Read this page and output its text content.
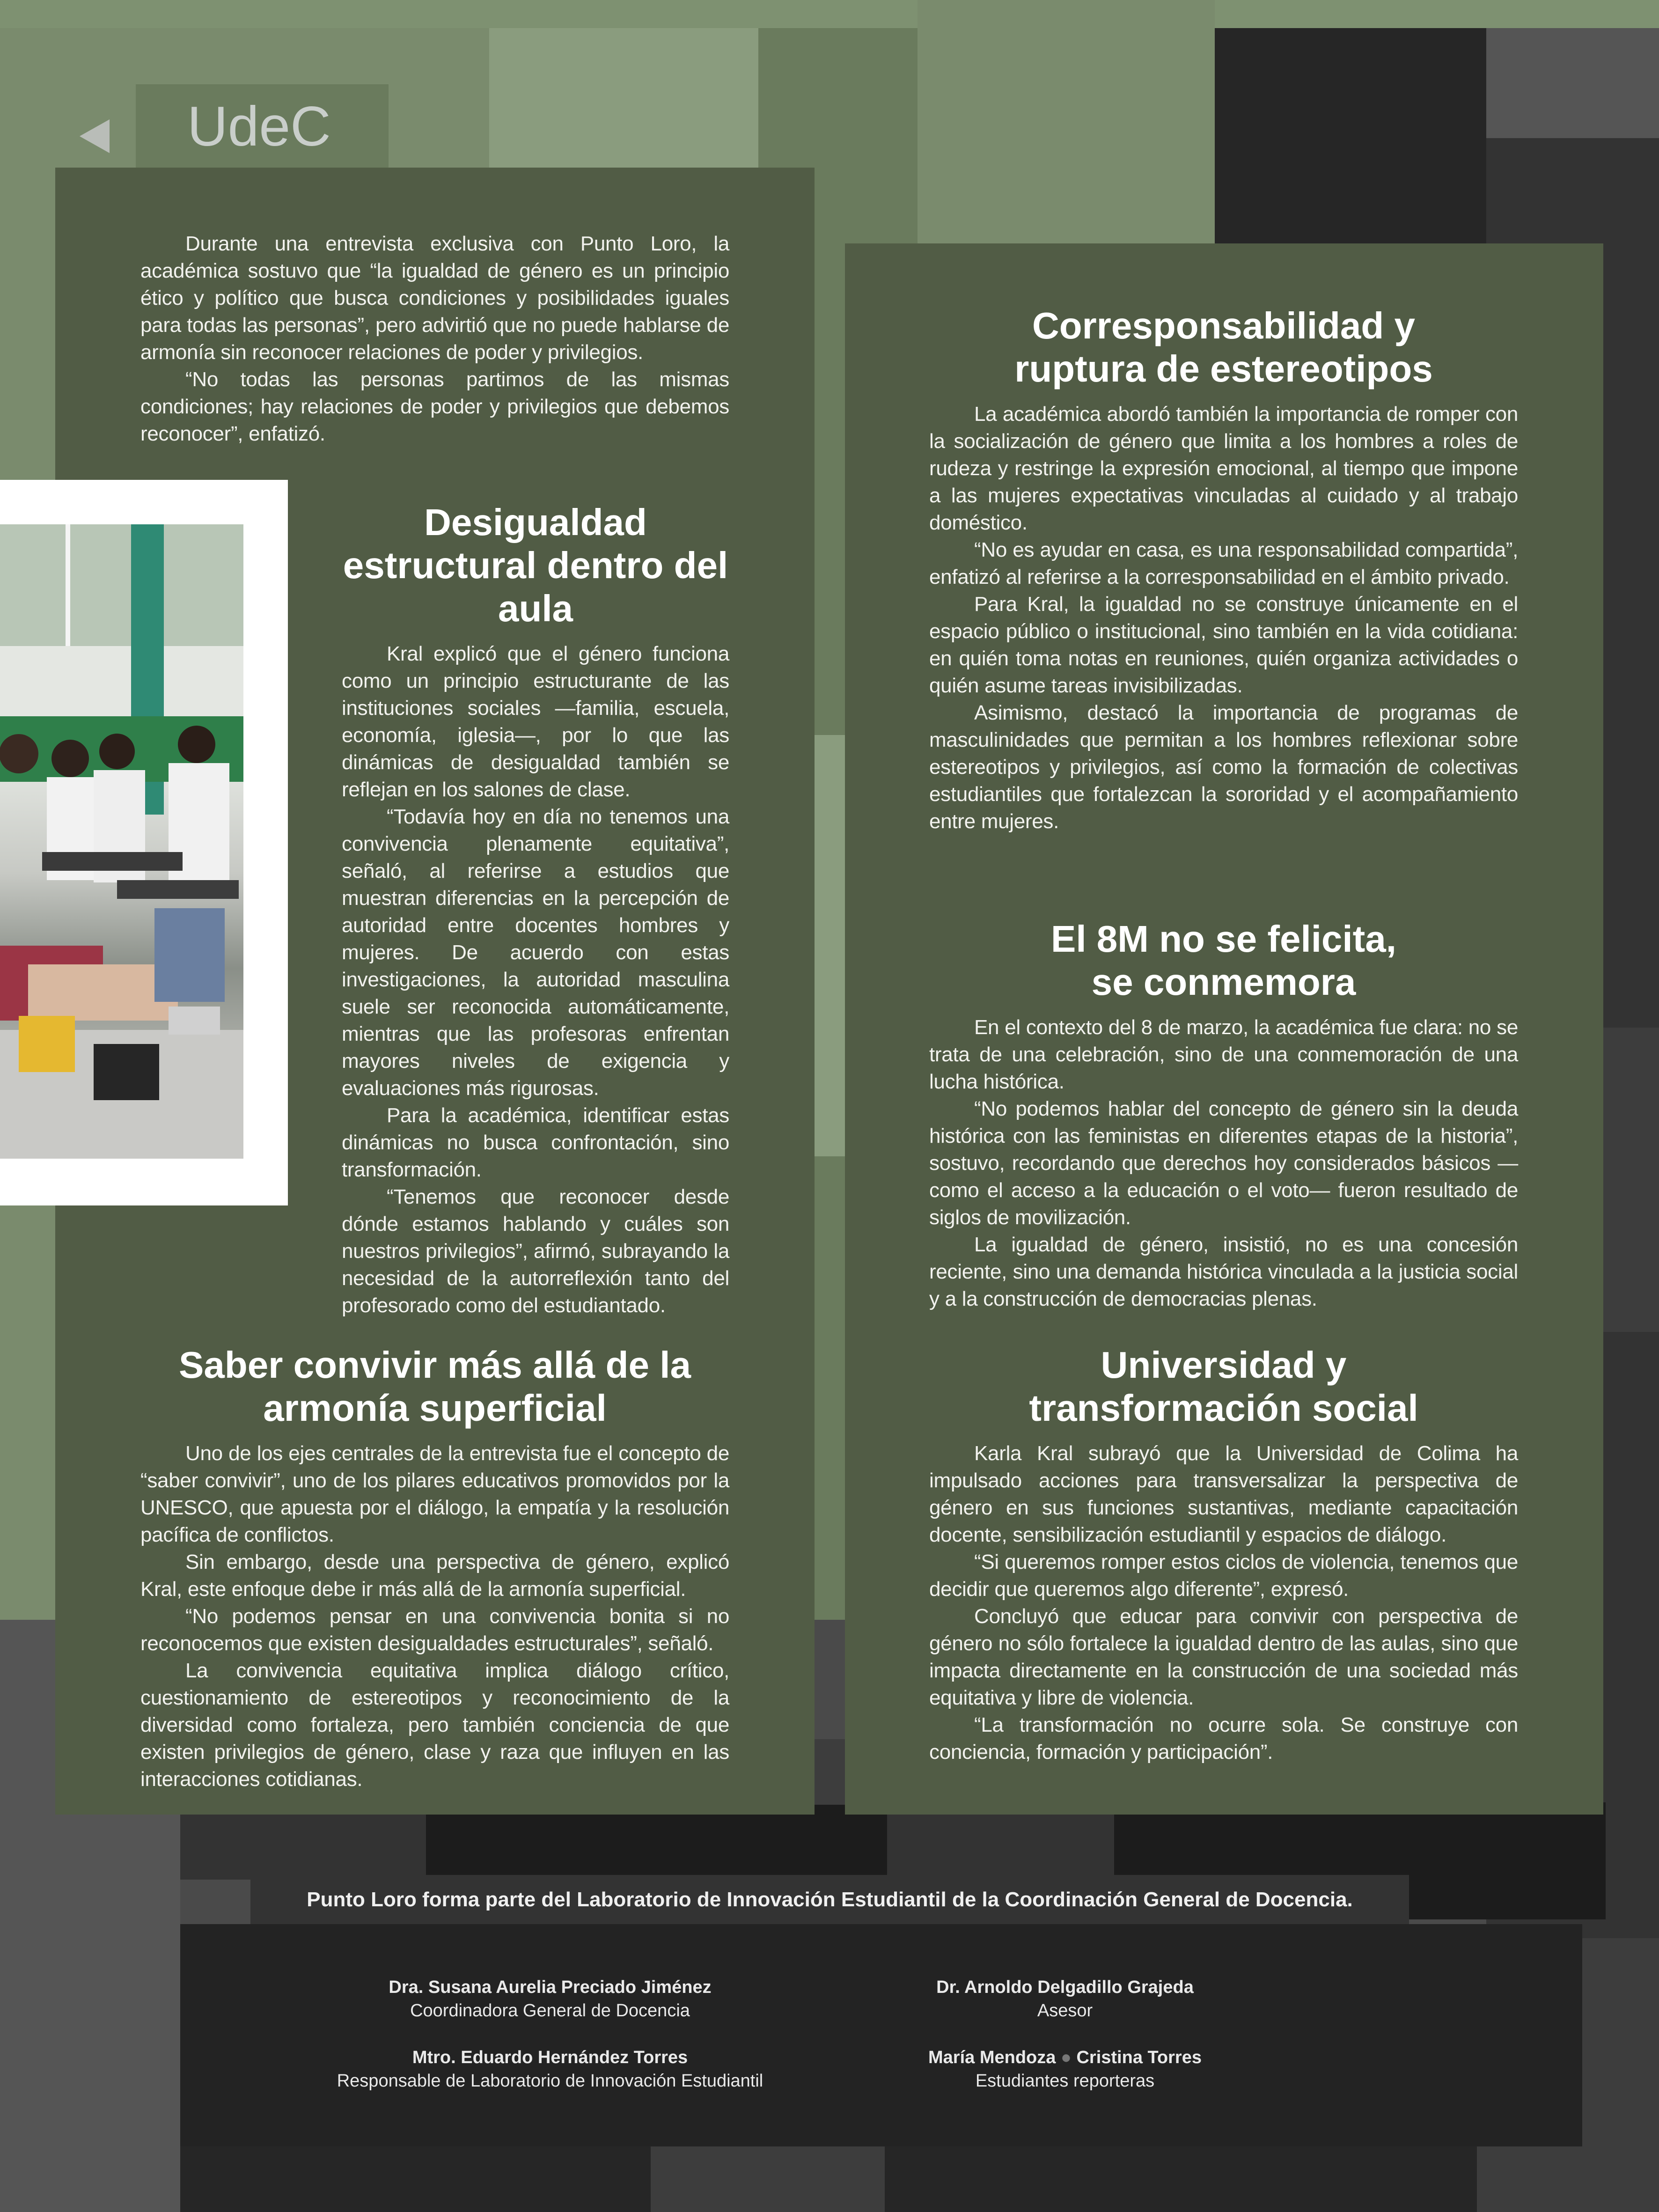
UdeC

Durante una entrevista exclusiva con Punto Loro, la académica sostuvo que “la igualdad de género es un principio ético y político que busca condiciones y posibilidades iguales para todas las personas”, pero advirtió que no puede hablarse de armonía sin reconocer relaciones de poder y privilegios.

“No todas las personas partimos de las mismas condiciones; hay relaciones de poder y privilegios que debemos reconocer”, enfatizó.

Desigualdad estructural dentro del aula

Kral explicó que el género funciona como un principio estructurante de las instituciones sociales —familia, escuela, economía, iglesia—, por lo que las dinámicas de desigualdad también se reflejan en los salones de clase.

“Todavía hoy en día no tenemos una convivencia plenamente equitativa”, señaló, al referirse a estudios que muestran diferencias en la percepción de autoridad entre docentes hombres y mujeres. De acuerdo con estas investigaciones, la autoridad masculina suele ser reconocida automáticamente, mientras que las profesoras enfrentan mayores niveles de exigencia y evaluaciones más rigurosas.

Para la académica, identificar estas dinámicas no busca confrontación, sino transformación.

“Tenemos que reconocer desde dónde estamos hablando y cuáles son nuestros privilegios”, afirmó, subrayando la necesidad de la autorreflexión tanto del profesorado como del estudiantado.

Saber convivir más allá de la armonía superficial

Uno de los ejes centrales de la entrevista fue el concepto de “saber convivir”, uno de los pilares educativos promovidos por la UNESCO, que apuesta por el diálogo, la empatía y la resolución pacífica de conflictos.

Sin embargo, desde una perspectiva de género, explicó Kral, este enfoque debe ir más allá de la armonía superficial.

“No podemos pensar en una convivencia bonita si no reconocemos que existen desigualdades estructurales”, señaló.

La convivencia equitativa implica diálogo crítico, cuestionamiento de estereotipos y reconocimiento de la diversidad como fortaleza, pero también conciencia de que existen privilegios de género, clase y raza que influyen en las interacciones cotidianas.

Corresponsabilidad y ruptura de estereotipos

La académica abordó también la importancia de romper con la socialización de género que limita a los hombres a roles de rudeza y restringe la expresión emocional, al tiempo que impone a las mujeres expectativas vinculadas al cuidado y al trabajo doméstico.

“No es ayudar en casa, es una responsabilidad compartida”, enfatizó al referirse a la corresponsabilidad en el ámbito privado.

Para Kral, la igualdad no se construye únicamente en el espacio público o institucional, sino también en la vida cotidiana: en quién toma notas en reuniones, quién organiza actividades o quién asume tareas invisibilizadas.

Asimismo, destacó la importancia de programas de masculinidades que permitan a los hombres reflexionar sobre estereotipos y privilegios, así como la formación de colectivas estudiantiles que fortalezcan la sororidad y el acompañamiento entre mujeres.

El 8M no se felicita, se conmemora

En el contexto del 8 de marzo, la académica fue clara: no se trata de una celebración, sino de una conmemoración de una lucha histórica.

“No podemos hablar del concepto de género sin la deuda histórica con las feministas en diferentes etapas de la historia”, sostuvo, recordando que derechos hoy considerados básicos —como el acceso a la educación o el voto— fueron resultado de siglos de movilización.

La igualdad de género, insistió, no es una concesión reciente, sino una demanda histórica vinculada a la justicia social y a la construcción de democracias plenas.

Universidad y transformación social

Karla Kral subrayó que la Universidad de Colima ha impulsado acciones para transversalizar la perspectiva de género en sus funciones sustantivas, mediante capacitación docente, sensibilización estudiantil y espacios de diálogo.

“Si queremos romper estos ciclos de violencia, tenemos que decidir que queremos algo diferente”, expresó.

Concluyó que educar para convivir con perspectiva de género no sólo fortalece la igualdad dentro de las aulas, sino que impacta directamente en la construcción de una sociedad más equitativa y libre de violencia.

“La transformación no ocurre sola. Se construye con conciencia, formación y participación”.

Dra. Susana Aurelia Preciado Jiménez
Coordinadora General de Docencia
Dr. Arnoldo Delgadillo Grajeda
Asesor
Mtro. Eduardo Hernández Torres
Responsable de Laboratorio de Innovación Estudiantil
María Mendoza ● Cristina Torres
Estudiantes reporteras
Punto Loro forma parte del Laboratorio de Innovación Estudiantil de la Coordinación General de Docencia.
